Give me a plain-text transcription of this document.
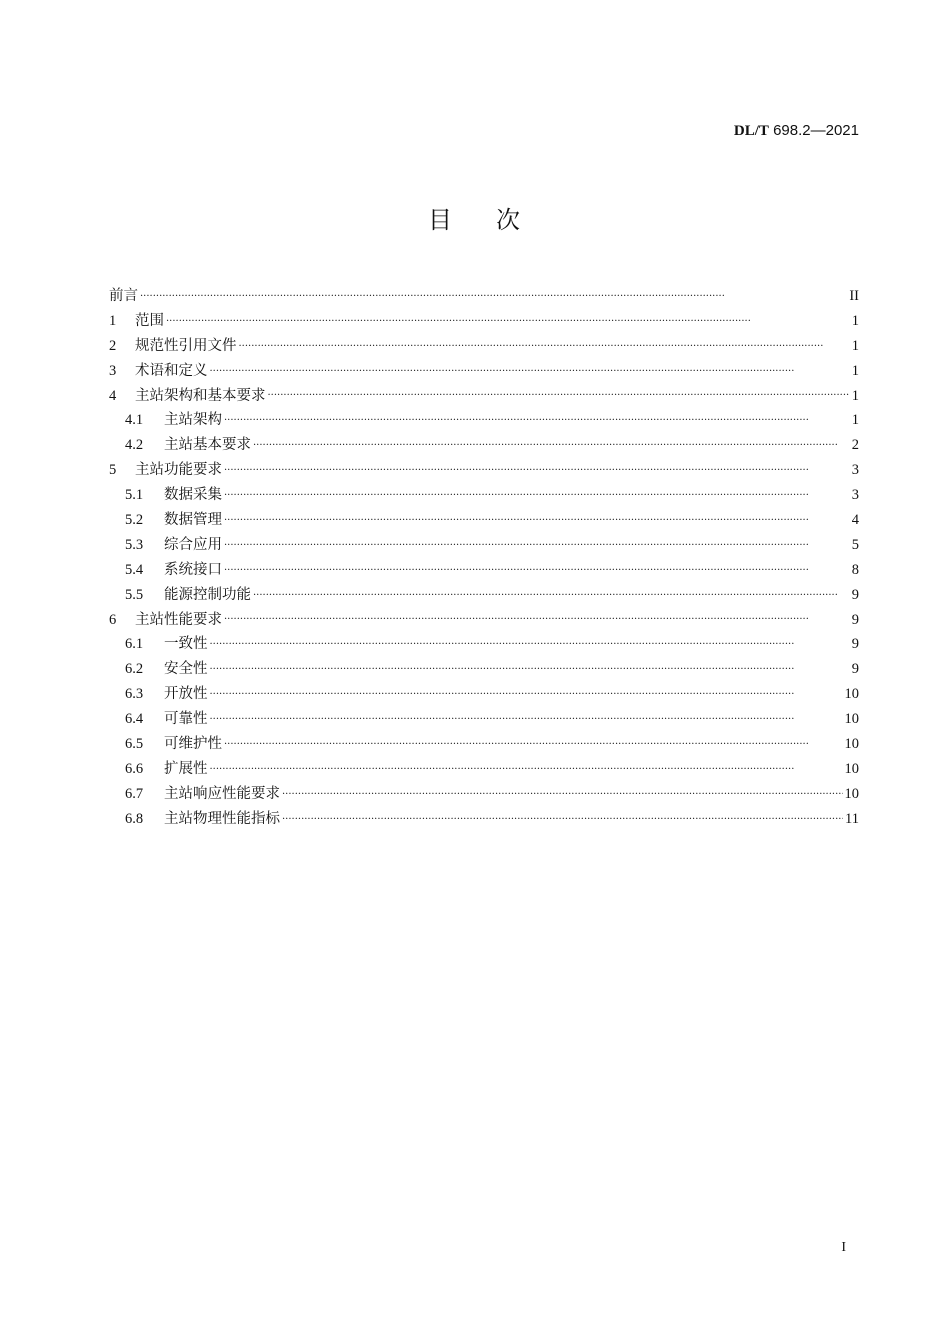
DL/T 698.2—2021
目 次
前言 ·····	II
1	范围 ·····	1
2	规范性引用文件 ·····	1
3	术语和定义 ·····	1
4	主站架构和基本要求 ·····	1
4.1	主站架构 ·····	1
4.2	主站基本要求 ·····	2
5	主站功能要求 ·····	3
5.1	数据采集 ·····	3
5.2	数据管理 ·····	4
5.3	综合应用 ·····	5
5.4	系统接口 ·····	8
5.5	能源控制功能 ·····	9
6	主站性能要求 ·····	9
6.1	一致性 ·····	9
6.2	安全性 ·····	9
6.3	开放性 ·····	10
6.4	可靠性 ·····	10
6.5	可维护性 ·····	10
6.6	扩展性 ·····	10
6.7	主站响应性能要求 ·····	10
6.8	主站物理性能指标 ·····	11
I
